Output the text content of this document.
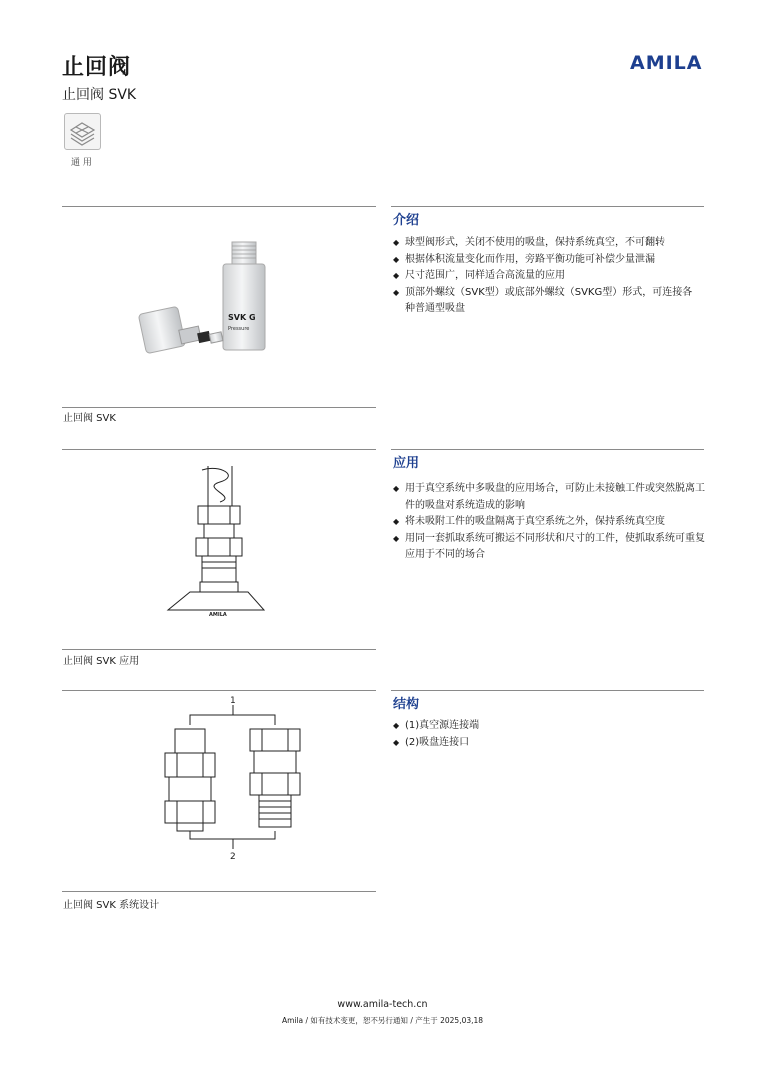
止回阀
止回阀 SVK
AMILA
通 用
SVK G
Pressure
止回阀 SVK
介绍
◆ 球型阀形式，关闭不使用的吸盘，保持系统真空，不可翻转
◆ 根据体积流量变化而作用，旁路平衡功能可补偿少量泄漏
◆ 尺寸范围广，同样适合高流量的应用
◆ 顶部外螺纹（SVK型）或底部外螺纹（SVKG型）形式，可连接各种普通型吸盘
AMILA
止回阀 SVK 应用
应用
◆ 用于真空系统中多吸盘的应用场合，可防止未接触工件或突然脱离工件的吸盘对系统造成的影响
◆ 将未吸附工件的吸盘隔离于真空系统之外，保持系统真空度
◆ 用同一套抓取系统可搬运不同形状和尺寸的工件，使抓取系统可重复应用于不同的场合
1
2
止回阀 SVK 系统设计
结构
◆ (1)真空源连接端
◆ (2)吸盘连接口
www.amila-tech.cn
Amila / 如有技术变更，恕不另行通知 / 产生于 2025,03,18
